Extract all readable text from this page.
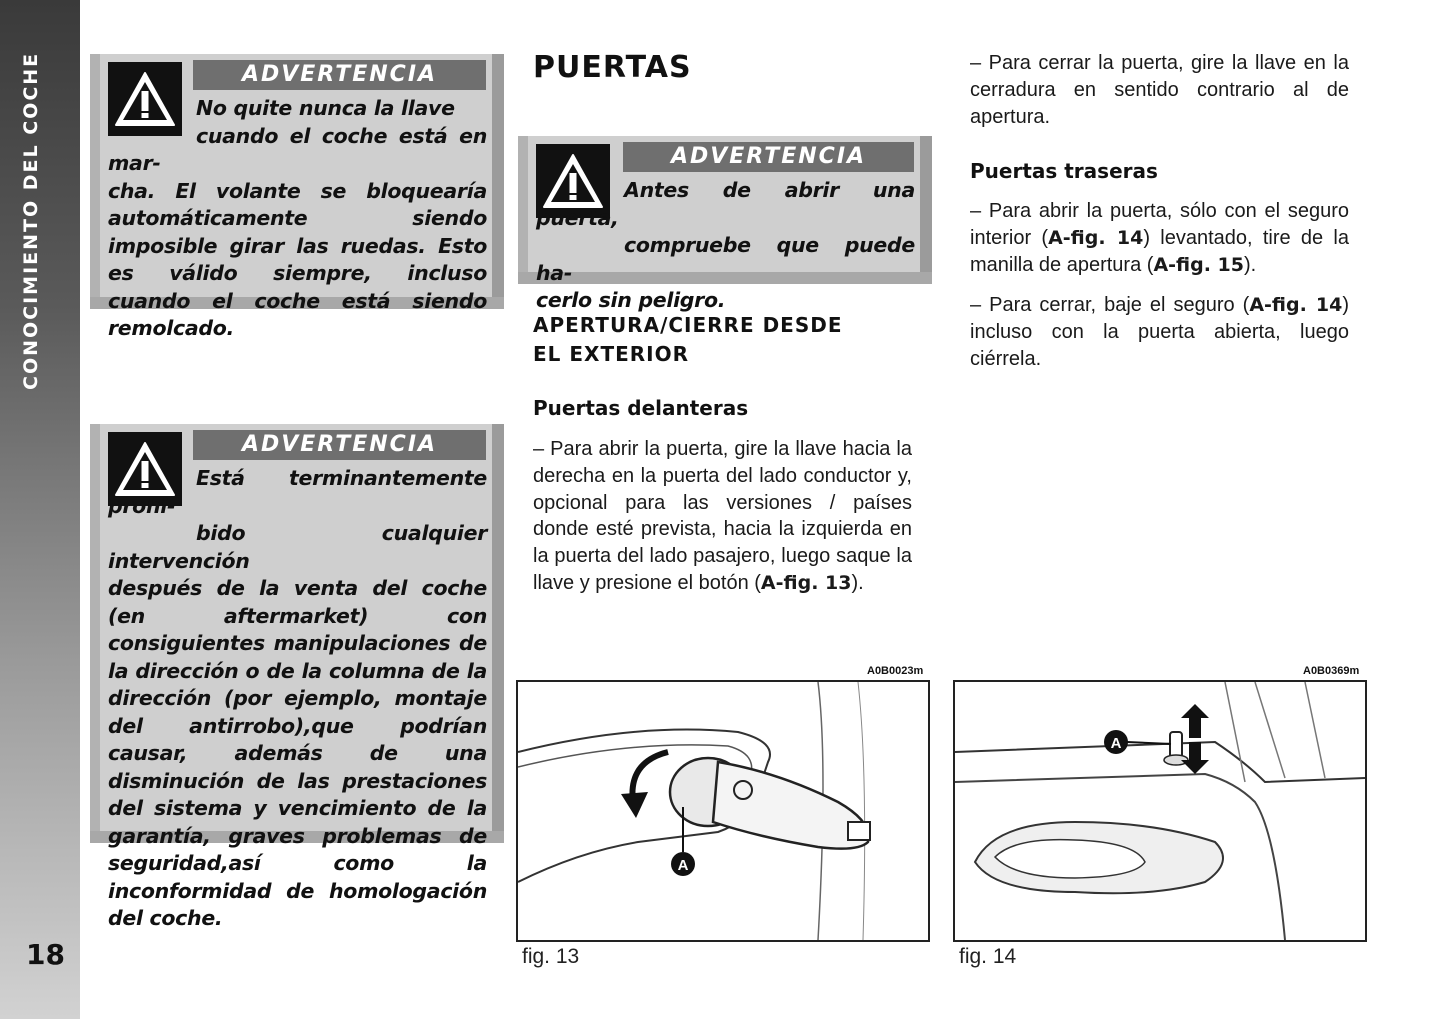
CONOCIMIENTO DEL COCHE
18
ADVERTENCIA

No quite nunca la llave

cuando el coche está en mar-

cha. El volante se bloquearía automáticamente siendo imposible girar las ruedas. Esto es válido siempre, incluso cuando el coche está siendo remolcado.

ADVERTENCIA

Está terminantemente prohi-

bido cualquier intervención

después de la venta del coche (en aftermarket) con consiguientes manipulaciones de la dirección o de la columna de la dirección (por ejemplo, montaje del antirrobo),que podrían causar, además de una disminución de las prestaciones del sistema y vencimiento de la garantía, graves problemas de seguridad,así como la inconformidad de homologación del coche.

PUERTAS
ADVERTENCIA

Antes de abrir una puerta,

compruebe que puede ha-

cerlo sin peligro.

APERTURA/CIERRE DESDE
EL EXTERIOR
Puertas delanteras

– Para abrir la puerta, gire la llave hacia la derecha en la puerta del lado conductor y, opcional para las versiones / países donde esté prevista, hacia la izquierda en la puerta del lado pasajero, luego saque la llave y presione el botón (A-fig. 13).

– Para cerrar la puerta, gire la llave en la cerradura en sentido contrario al de apertura.

Puertas traseras

– Para abrir la puerta, sólo con el seguro interior (A-fig. 14) levantado, tire de la manilla de apertura (A-fig. 15).

– Para cerrar, baje el seguro (A-fig. 14) incluso con la puerta abierta, luego ciérrela.

A0B0023m
A
fig. 13
A0B0369m
A
fig. 14
